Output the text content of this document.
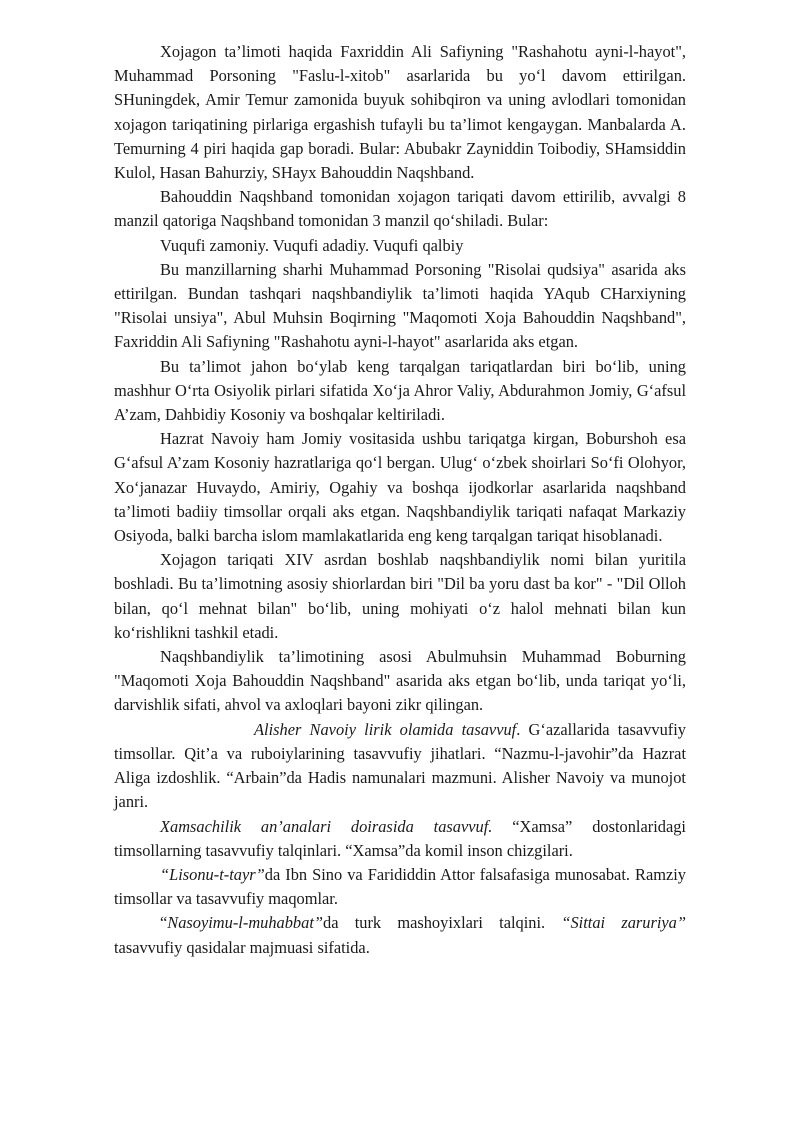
Xojagon ta’limoti haqida Faxriddin Ali Safiyning "Rashahotu ayni-l-hayot", Muhammad Porsoning "Faslu-l-xitob" asarlarida bu yo‘l davom ettirilgan. SHuningdek, Amir Temur zamonida buyuk sohibqiron va uning avlodlari tomonidan xojagon tariqatining pirlariga ergashish tufayli bu ta’limot kengaygan. Manbalarda A. Temurning 4 piri haqida gap boradi. Bular: Abubakr Zayniddin Toibodiy, SHamsiddin Kulol, Hasan Bahurziy, SHayx Bahouddin Naqshband.

Bahouddin Naqshband tomonidan xojagon tariqati davom ettirilib, avvalgi 8 manzil qatoriga Naqshband tomonidan 3 manzil qo‘shiladi. Bular:

Vuqufi zamoniy. Vuqufi adadiy. Vuqufi qalbiy

Bu manzillarning sharhi Muhammad Porsoning "Risolai qudsiya" asarida aks ettirilgan. Bundan tashqari naqshbandiylik ta’limoti haqida YAqub CHarxiyning "Risolai unsiya", Abul Muhsin Boqirning "Maqomoti Xoja Bahouddin Naqshband", Faxriddin Ali Safiyning "Rashahotu ayni-l-hayot" asarlarida aks etgan.

Bu ta’limot jahon bo‘ylab keng tarqalgan tariqatlardan biri bo‘lib, uning mashhur O‘rta Osiyolik pirlari sifatida Xo‘ja Ahror Valiy, Abdurahmon Jomiy, G‘afsul A’zam, Dahbidiy Kosoniy va boshqalar keltiriladi.

Hazrat Navoiy ham Jomiy vositasida ushbu tariqatga kirgan, Boburshoh esa G‘afsul A’zam Kosoniy hazratlariga qo‘l bergan. Ulug‘ o‘zbek shoirlari So‘fi Olohyor, Xo‘janazar Huvaydo, Amiriy, Ogahiy va boshqa ijodkorlar asarlarida naqshband ta’limoti badiiy timsollar orqali aks etgan. Naqshbandiylik tariqati nafaqat Markaziy Osiyoda, balki barcha islom mamlakatlarida eng keng tarqalgan tariqat hisoblanadi.

Xojagon tariqati XIV asrdan boshlab naqshbandiylik nomi bilan yuritila boshladi. Bu ta’limotning asosiy shiorlardan biri "Dil ba yoru dast ba kor" - "Dil Olloh bilan, qo‘l mehnat bilan" bo‘lib, uning mohiyati o‘z halol mehnati bilan kun ko‘rishlikni tashkil etadi.

Naqshbandiylik ta’limotining asosi Abulmuhsin Muhammad Boburning "Maqomoti Xoja Bahouddin Naqshband" asarida aks etgan bo‘lib, unda tariqat yo‘li, darvishlik sifati, ahvol va axloqlari bayoni zikr qilingan.

Alisher Navoiy lirik olamida tasavvuf. G‘azallarida tasavvufiy timsollar. Qit’a va ruboiylarining tasavvufiy jihatlari. “Nazmu-l-javohir”da Hazrat Aliga izdoshlik. “Arbain”da Hadis namunalari mazmuni. Alisher Navoiy va munojot janri.

Xamsachilik an’analari doirasida tasavvuf. “Xamsa” dostonlaridagi timsollarning tasavvufiy talqinlari. “Xamsa”da komil inson chizgilari.

“Lisonu-t-tayr”da Ibn Sino va Farididdin Attor falsafasiga munosabat. Ramziy timsollar va tasavvufiy maqomlar.

“Nasoyimu-l-muhabbat”da turk mashoyixlari talqini. “Sittai zaruriya” tasavvufiy qasidalar majmuasi sifatida.
